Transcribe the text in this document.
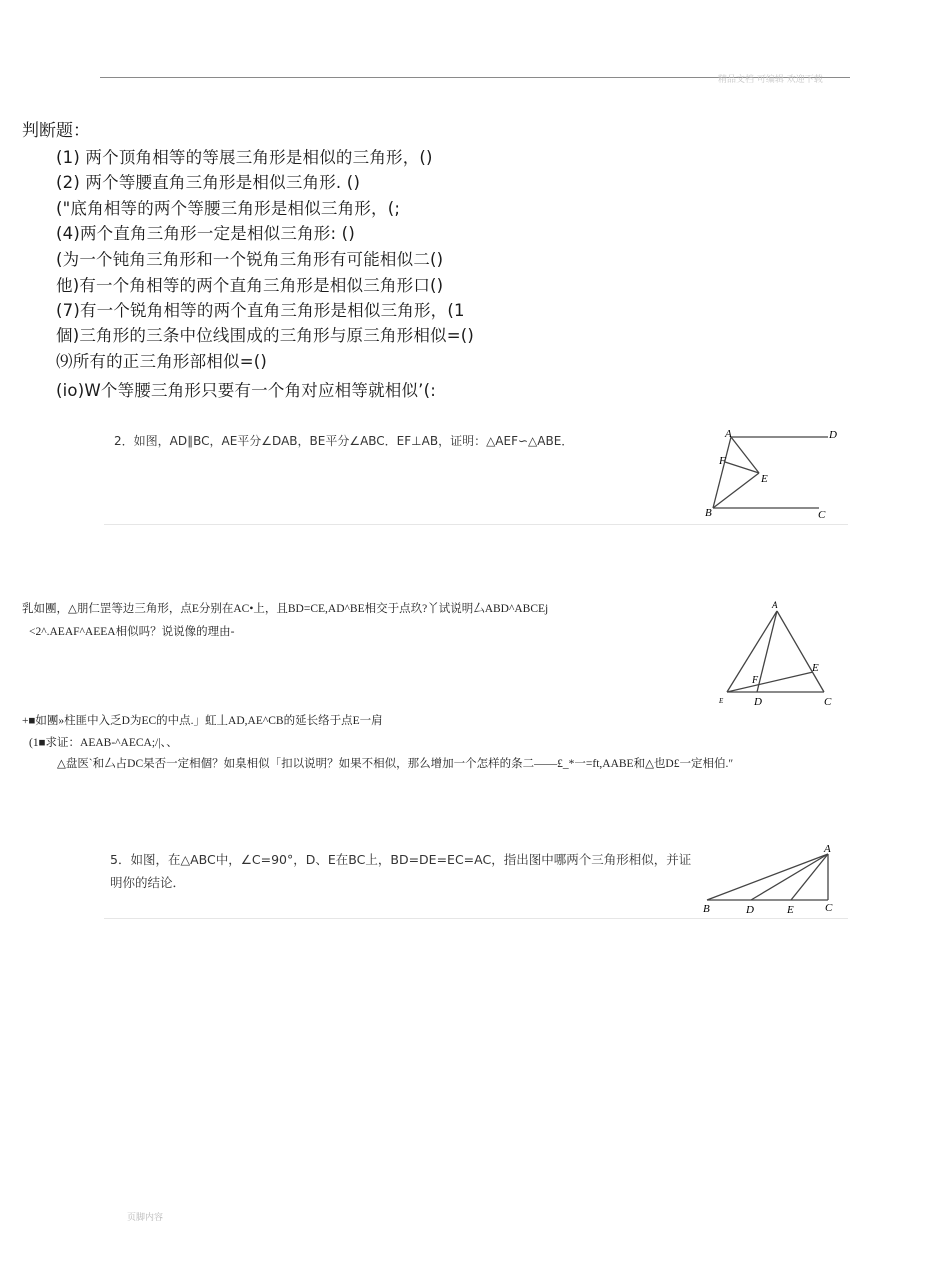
精品文档 可编辑 欢迎下载
判断题：
(1) 两个顶角相等的等展三角形是相似的三角形，()
(2) 两个等腰直角三角形是相似三角形. ()
("底角相等的两个等腰三角形是相似三角形，(;
(4)两个直角三角形一定是相似三角形: ()
(为一个钝角三角形和一个锐角三角形有可能相似二()
他)有一个角相等的两个直角三角形是相似三角形口()
(7)有一个锐角相等的两个直角三角形是相似三角形，(1
個)三角形的三条中位线围成的三角形与原三角形相似=()
⑼所有的正三角形部相似=()
(io)W个等腰三角形只要有一个角对应相等就相似’(:
2．如图，AD∥BC，AE平分∠DAB，BE平分∠ABC．EF⊥AB，证明：△AEF∽△ABE．	A	D
F
E
B	C
乳如團，△朋仁罡等边三角形，点E分别在AC•上，且BD=CE,AD^BE相交于点玖?丫试说明厶ABD^ABCEj
<2^.AEAF^AEEA相似吗？说说像的理由-
A
E
F
E	D	C
+■如團»柱匪中入乏D为EC的中点.」虹丄AD,AE^CB的延长络于点E一肩
(1■求证：AEAB-^AECA;/|、、
△盘医`和厶占DC杲否一定相個？如臬相似「扣以说明？如果不相似，那么增加一个怎样的条二——£_*一=ft,AABE和△也D£一定相伯.″
5．如图，在△ABC中，∠C=90°，D、E在BC上，BD=DE=EC=AC，指出图中哪两个三角形相似，并证
明你的结论．
A
B	D	E	C
页脚内容
